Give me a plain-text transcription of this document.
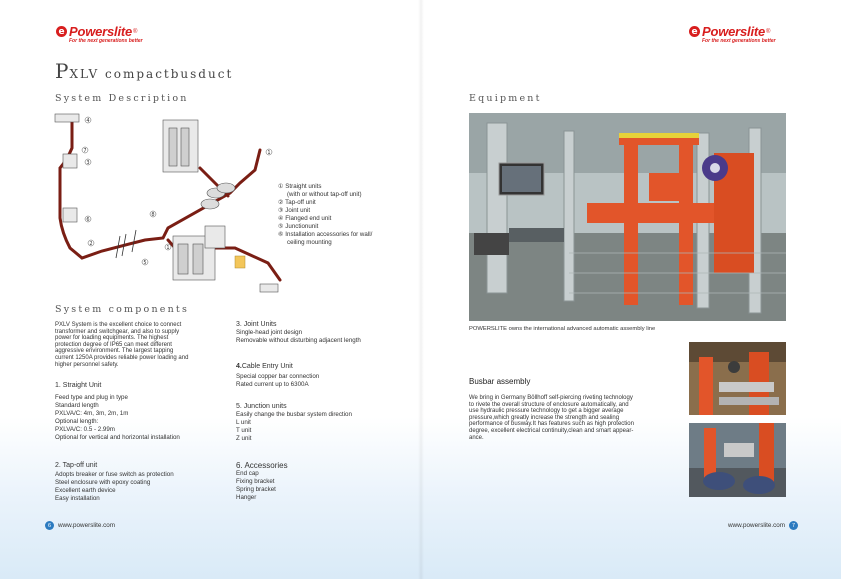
e Powerslite ®
For the next generations better
e Powerslite ®
For the next generations better
PXLV compactbusduct
System Description
4
7
3
6
2
5
8
1
1
① Straight units
(with or without tap-off unit)
② Tap-off unit
③ Joint unit
④ Flanged end unit
⑤ Junctionunit
⑥ Installation accessories for wall/
ceiling mounting
System components
PXLV System is the excellent choice to connect
transformer and switchgear, and also to supply
power for loading equipments. The highest
protection degree of IP65 can meet different
aggressive environment. The largest tapping
current 1250A provides reliable power loading and
higher personnel safety.
1. Straight Unit
Feed type and plug in type
Standard length
PXLVA/C: 4m, 3m, 2m, 1m
Optional length:
PXLVA/C: 0.5 - 2.99m
Optional for vertical and horizontal installation
2. Tap-off unit
Adopts breaker or fuse switch as protection
Steel enclosure with epoxy coating
Excellent earth device
Easy installation
3. Joint Units
Single-head joint design
Removable without disturbing adjacent length
4.Cable Entry Unit
Special copper bar connection
Rated current up to 6300A
5. Junction units
Easily change the busbar system direction
L unit
T unit
Z unit
6. Accessories
End cap
Fixing bracket
Spring bracket
Hanger
6	www.powerslite.com
Equipment
POWERSLITE owns the international advanced automatic assembly line
Busbar assembly
We bring in Germany Böllhoff self-piercing riveting technology
to rivete the overall structure of enclosure automatically, and
use hydraulic pressure technology to get a bigger average
pressure,which greatly increase the strength and sealing
performance of busway.It has features such as high protection
degree, excellent electrical continuity,clean and smart appear-
ance.
www.powerslite.com	7
